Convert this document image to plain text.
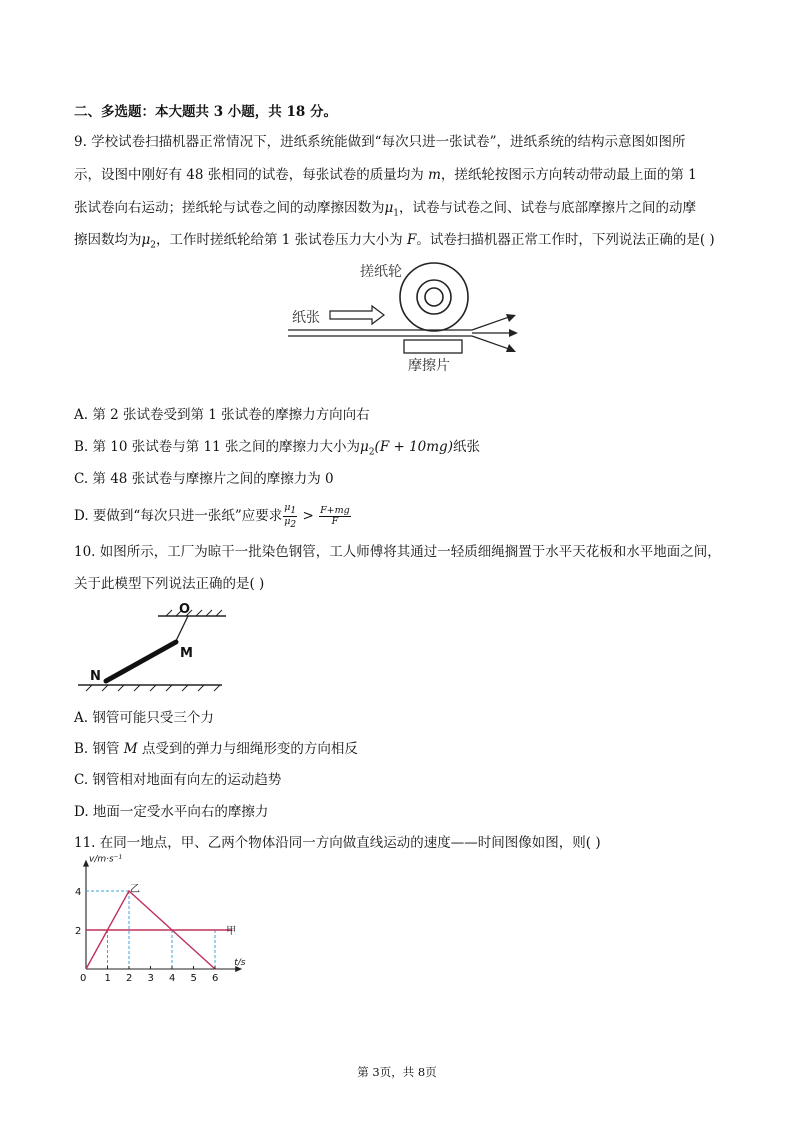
二、多选题：本大题共 3 小题，共 18 分。
9. 学校试卷扫描机器正常情况下，进纸系统能做到“每次只进一张试卷”，进纸系统的结构示意图如图所
示，设图中刚好有 48 张相同的试卷，每张试卷的质量均为 m，搓纸轮按图示方向转动带动最上面的第 1
张试卷向右运动；搓纸轮与试卷之间的动摩擦因数为$\mu_1$，试卷与试卷之间、试卷与底部摩擦片之间的动摩
擦因数均为$\mu_2$，工作时搓纸轮给第 1 张试卷压力大小为 F。试卷扫描机器正常工作时，下列说法正确的是( )
搓纸轮
纸张
摩擦片
A. 第 2 张试卷受到第 1 张试卷的摩擦力方向向右
B. 第 10 张试卷与第 11 张之间的摩擦力大小为$\mu_2(F + 10mg)$纸张
C. 第 48 张试卷与摩擦片之间的摩擦力为 0
D. 要做到“每次只进一张纸”应要求 $\frac{\mu_1}{\mu_2} > \frac{F+mg}{F}$
10. 如图所示，工厂为晾干一批染色钢管，工人师傅将其通过一轻质细绳搁置于水平天花板和水平地面之间，
关于此模型下列说法正确的是( )
O
M
N
A. 钢管可能只受三个力
B. 钢管 M 点受到的弹力与细绳形变的方向相反
C. 钢管相对地面有向左的运动趋势
D. 地面一定受水平向右的摩擦力
11. 在同一地点，甲、乙两个物体沿同一方向做直线运动的速度——时间图像如图，则( )
v/m·s⁻¹
t/s
乙
甲
0 1 2 3 4 5 6
2
4
第 3页，共 8页
